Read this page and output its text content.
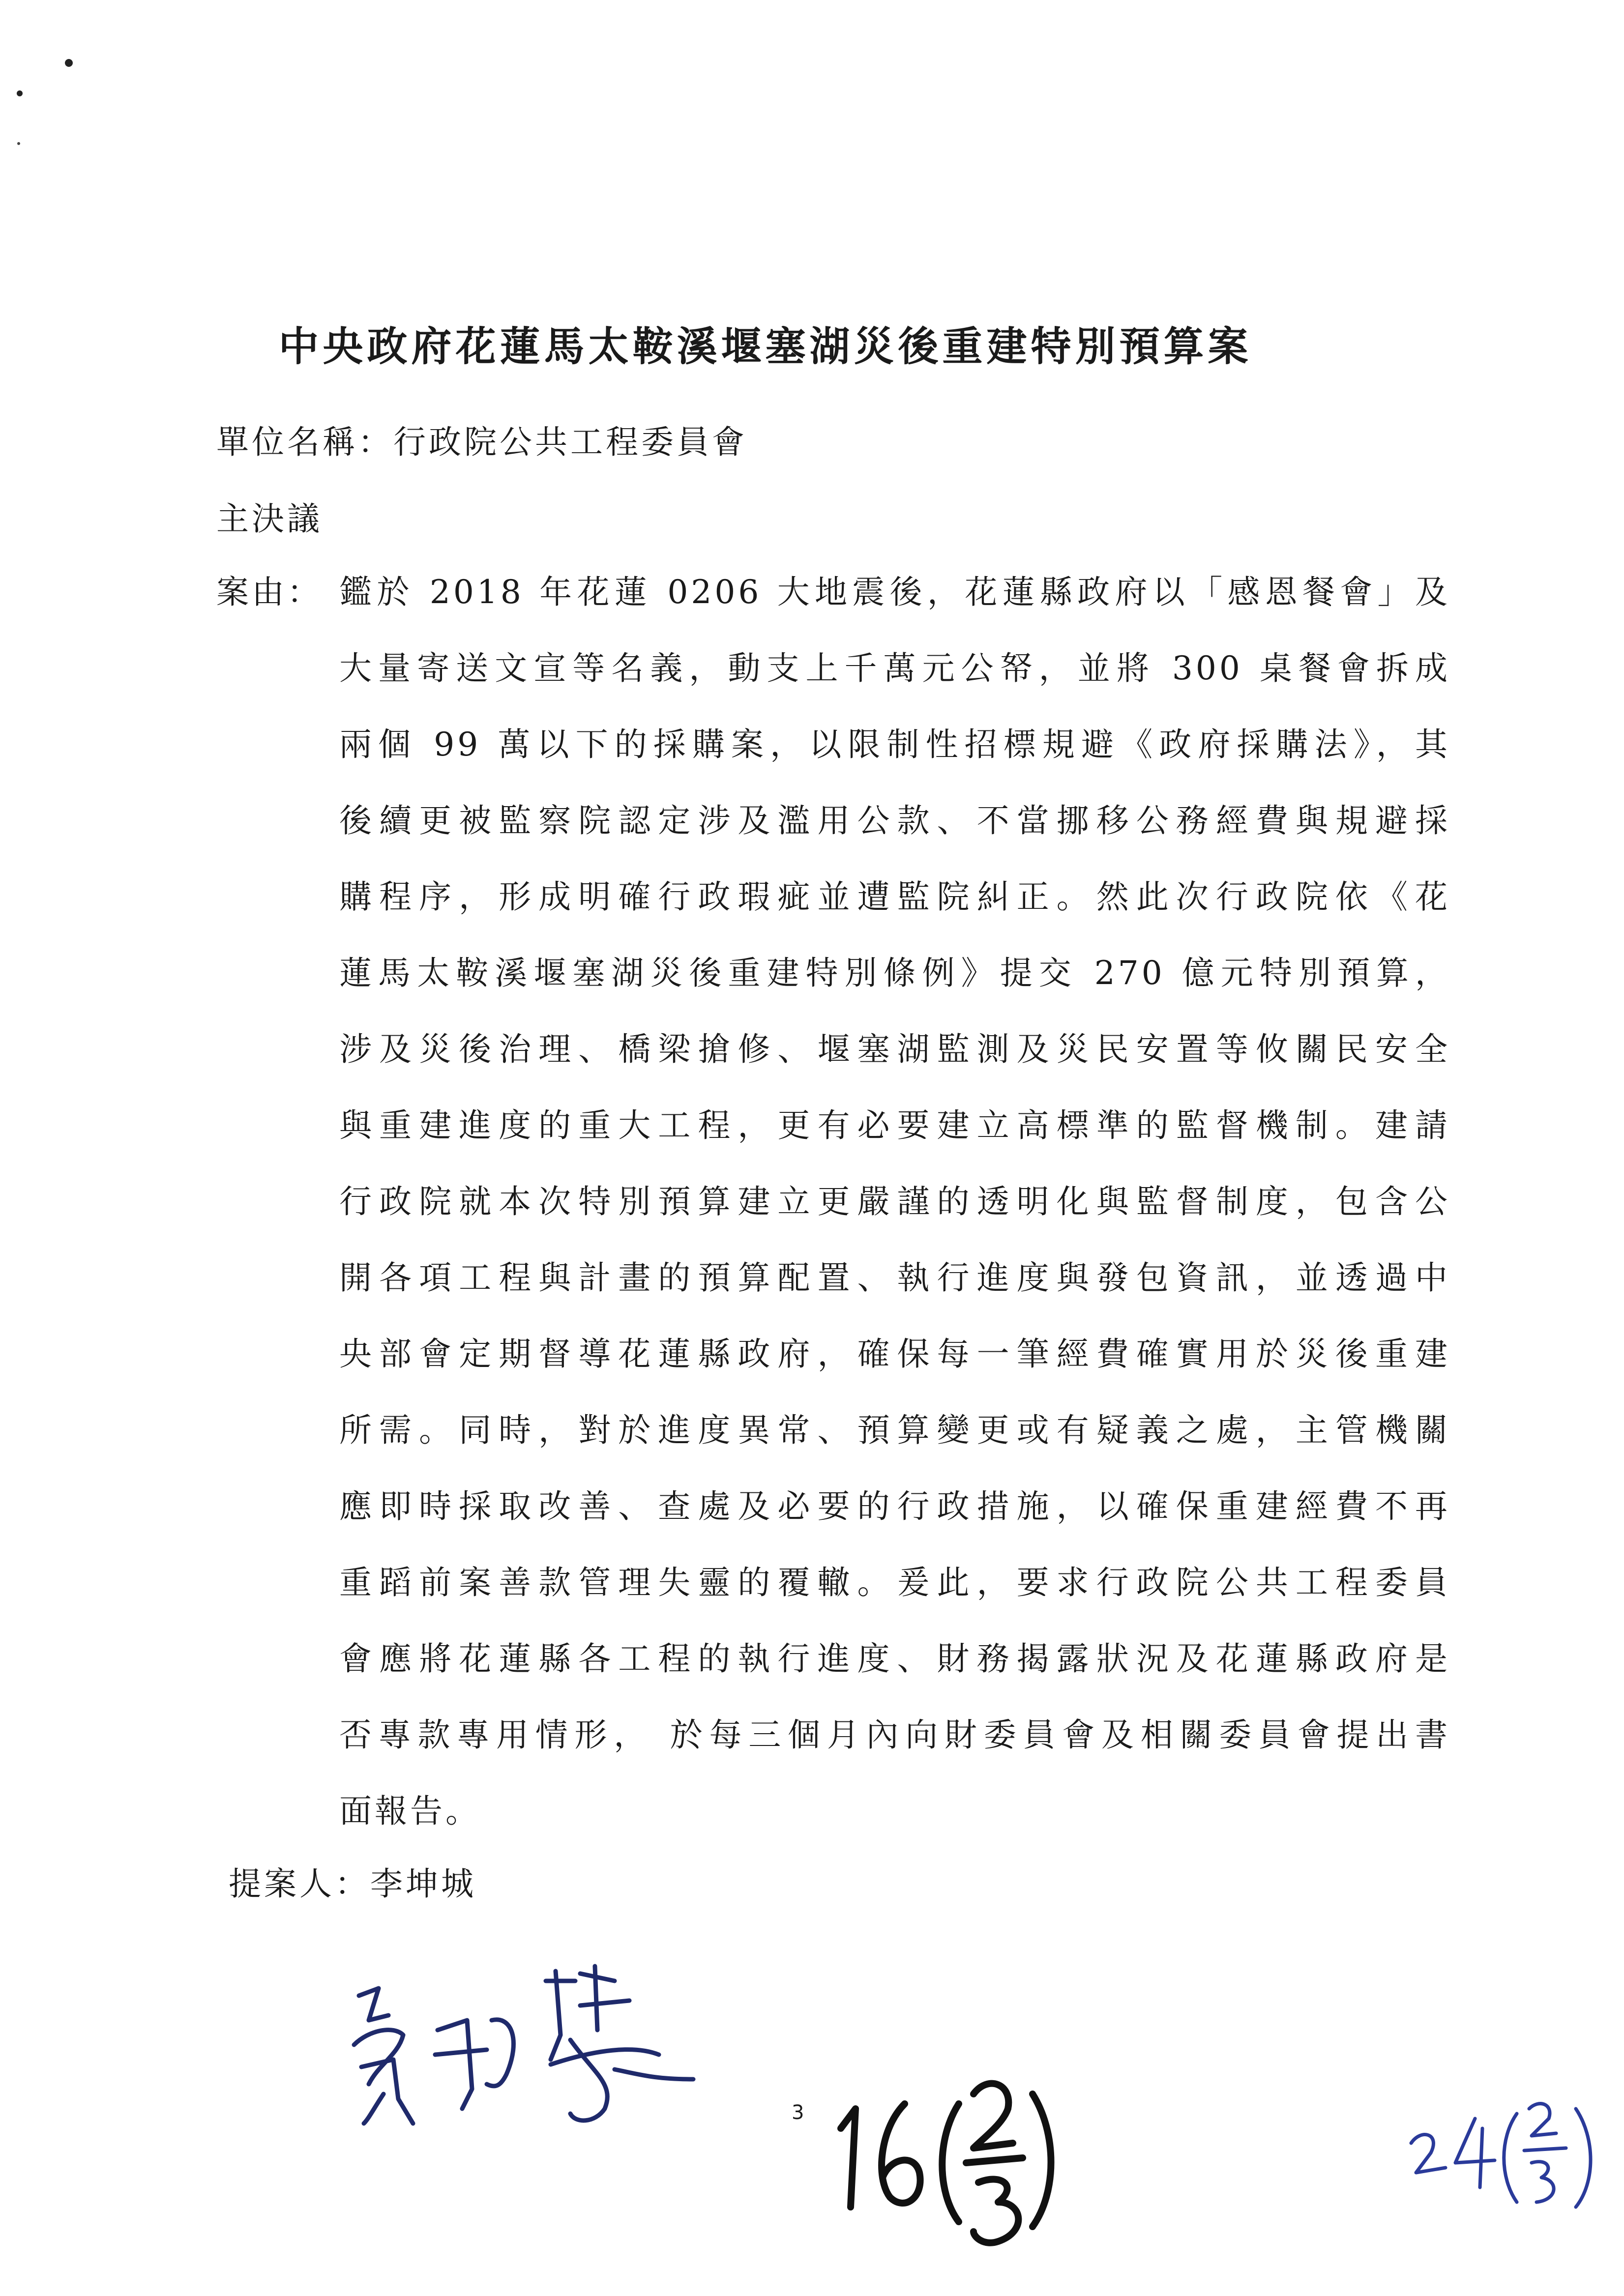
中央政府花蓮馬太鞍溪堰塞湖災後重建特別預算案
單位名稱：行政院公共工程委員會
主決議
案由： 鑑於 2018 年花蓮 0206 大地震後，花蓮縣政府以「感恩餐會」及
大量寄送文宣等名義，動支上千萬元公帑，並將 300 桌餐會拆成
兩個 99 萬以下的採購案，以限制性招標規避《政府採購法》，其
後續更被監察院認定涉及濫用公款、不當挪移公務經費與規避採
購程序，形成明確行政瑕疵並遭監院糾正。然此次行政院依《花
蓮馬太鞍溪堰塞湖災後重建特別條例》提交 270 億元特別預算，
涉及災後治理、橋梁搶修、堰塞湖監測及災民安置等攸關民安全
與重建進度的重大工程，更有必要建立高標準的監督機制。建請
行政院就本次特別預算建立更嚴謹的透明化與監督制度，包含公
開各項工程與計畫的預算配置、執行進度與發包資訊，並透過中
央部會定期督導花蓮縣政府，確保每一筆經費確實用於災後重建
所需。同時，對於進度異常、預算變更或有疑義之處，主管機關
應即時採取改善、查處及必要的行政措施，以確保重建經費不再
重蹈前案善款管理失靈的覆轍。爰此，要求行政院公共工程委員
會應將花蓮縣各工程的執行進度、財務揭露狀況及花蓮縣政府是
否專款專用情形， 於每三個月內向財委員會及相關委員會提出書
面報告。
提案人：李坤城
3
